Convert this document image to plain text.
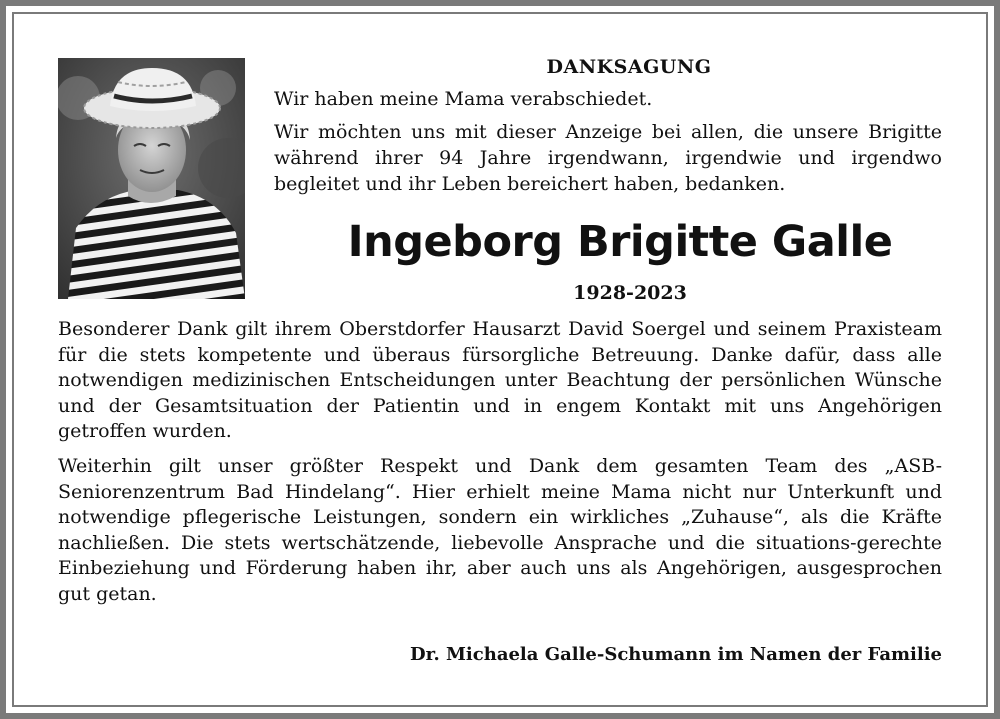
DANKSAGUNG

Wir haben meine Mama verabschiedet.

Wir möchten uns mit dieser Anzeige bei allen, die unsere Brigitte während ihrer 94 Jahre irgendwann, irgendwie und irgendwo begleitet und ihr Leben bereichert haben, bedanken.

Ingeborg Brigitte Galle
1928-2023

Besonderer Dank gilt ihrem Oberstdorfer Hausarzt David Soergel und seinem Praxisteam für die stets kompetente und überaus fürsorgliche Betreuung. Danke dafür, dass alle notwendigen medizinischen Entscheidungen unter Beachtung der persönlichen Wünsche und der Gesamtsituation der Patientin und in engem Kontakt mit uns Angehörigen getroffen wurden.

Weiterhin gilt unser größter Respekt und Dank dem gesamten Team des „ASB-Seniorenzentrum Bad Hindelang“. Hier erhielt meine Mama nicht nur Unterkunft und notwendige pflegerische Leistungen, sondern ein wirkliches „Zuhause“, als die Kräfte nachließen. Die stets wertschätzende, liebevolle Ansprache und die situations-gerechte Einbeziehung und Förderung haben ihr, aber auch uns als Angehörigen, ausgesprochen gut getan.

Dr. Michaela Galle-Schumann im Namen der Familie
